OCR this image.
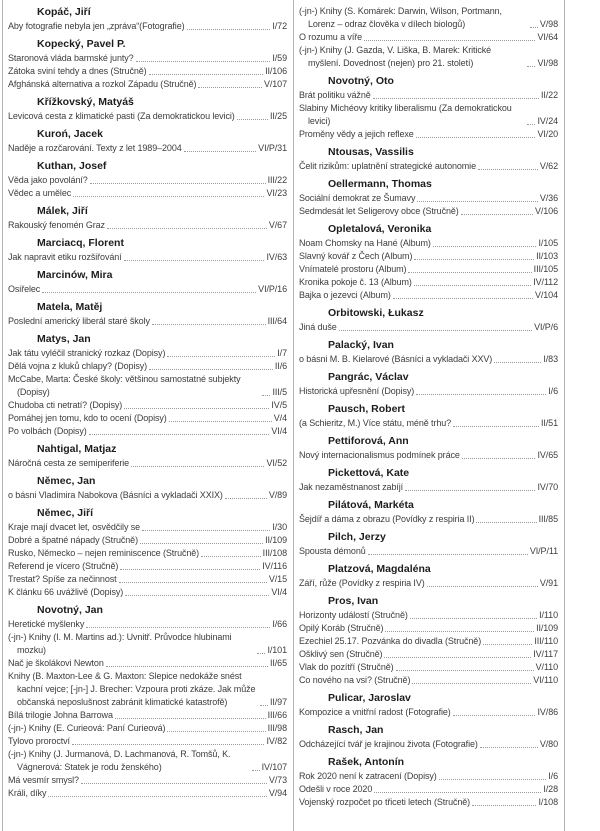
Kopáč, Jiří
Aby fotografie nebyla jen „zpráva“(Fotografie)	I/72
Kopecký, Pavel P.
Staronová vláda barmské junty?	I/59
Zátoka sviní tehdy a dnes (Stručně)	II/106
Afghánská alternativa a rozkol Západu (Stručně)	V/107
Křížkovský, Matyáš
Levicová cesta z klimatické pasti (Za demokratickou levici)	II/25
Kuroń, Jacek
Naděje a rozčarování. Texty z let 1989–2004	VI/P/31
Kuthan, Josef
Věda jako povolání?	III/22
Vědec a umělec	VI/23
Málek, Jiří
Rakouský fenomén Graz	V/67
Marciacq, Florent
Jak napravit etiku rozšiřování	IV/63
Marcinów, Mira
Osiřelec	VI/P/16
Matela, Matěj
Poslední americký liberál staré školy	III/64
Matys, Jan
Jak tátu vyléčil stranický rozkaz (Dopisy)	I/7
Dělá vojna z kluků chlapy? (Dopisy)	II/6
McCabe, Marta: České školy: většinou samostatné subjekty (Dopisy)	III/5
Chudoba cti netratí? (Dopisy)	IV/5
Pomáhej jen tomu, kdo to ocení (Dopisy)	V/4
Po volbách (Dopisy)	VI/4
Nahtigal, Matjaz
Náročná cesta ze semiperiferie	VI/52
Němec, Jan
o básni Vladimira Nabokova (Básníci a vykladači XXIX)	V/89
Němec, Jiří
Kraje mají dvacet let, osvědčily se	I/30
Dobré a špatné nápady (Stručně)	II/109
Rusko, Německo – nejen reminiscence (Stručně)	III/108
Referend je vícero (Stručně)	IV/116
Trestat? Spíše za nečinnost	V/15
K článku 66 uvážlivě (Dopisy)	VI/4
Novotný, Jan
Heretické myšlenky	I/66
(-jn-) Knihy (I. M. Martins ad.): Uvnitř. Průvodce hlubinami mozku)	I/101
Nač je školákovi Newton	II/65
Knihy (B. Maxton-Lee & G. Maxton: Slepice nedokáže snést kachní vejce; [-jn-] J. Brecher: Vzpoura proti zkáze. Jak může občanská neposlušnost zabránit klimatické katastrofě)	II/97
Bílá trilogie Johna Barrowa	III/66
(-jn-) Knihy (E. Curieová: Paní Curieová)	III/98
Tylovo proroctví	IV/82
(-jn-) Knihy (J. Jurmanová, D. Lachmanová, R. Tomšů, K. Vágnerová: Statek je rodu ženského)	IV/107
Má vesmír smysl?	V/73
Králi, díky	V/94
(-jn-) Knihy (S. Komárek: Darwin, Wilson, Portmann, Lorenz – odraz člověka v dílech biologů)	V/98
O rozumu a víře	VI/64
(-jn-) Knihy (J. Gazda, V. Liška, B. Marek: Kritické myšlení. Dovednost (nejen) pro 21. století)	VI/98
Novotný, Oto
Brát politiku vážně	II/22
Slabiny Michéovy kritiky liberalismu (Za demokratickou levici)	IV/24
Proměny vědy a jejich reflexe	VI/20
Ntousas, Vassilis
Čelit rizikům: uplatnění strategické autonomie	V/62
Oellermann, Thomas
Sociální demokrat ze Šumavy	V/36
Sedmdesát let Seligerovy obce (Stručně)	V/106
Opletalová, Veronika
Noam Chomsky na Hané (Album)	I/105
Slavný kovář z Čech (Album)	II/103
Vnímatelé prostoru (Album)	III/105
Kronika pokoje č. 13 (Album)	IV/112
Bajka o jezevci (Album)	V/104
Orbitowski, Łukasz
Jiná duše	VI/P/6
Palacký, Ivan
o básni M. B. Kielarové (Básníci a vykladači XXV)	I/83
Pangrác, Václav
Historická upřesnění (Dopisy)	I/6
Pausch, Robert
(a Schieritz, M.) Více státu, méně trhu?	II/51
Pettiforová, Ann
Nový internacionalismus podmínek práce	IV/65
Pickettová, Kate
Jak nezaměstnanost zabíjí	IV/70
Pilátová, Markéta
Šejdíř a dáma z obrazu (Povídky z respiria II)	III/85
Pilch, Jerzy
Spousta démonů	VI/P/11
Platzová, Magdaléna
Září, růže (Povídky z respiria IV)	V/91
Pros, Ivan
Horizonty událostí (Stručně)	I/110
Opilý Koráb (Stručně)	II/109
Ezechiel 25.17. Pozvánka do divadla (Stručně)	III/110
Ošklivý sen (Stručně)	IV/117
Vlak do pozítří (Stručně)	V/110
Co nového na vsi? (Stručně)	VI/110
Pulicar, Jaroslav
Kompozice a vnitřní radost (Fotografie)	IV/86
Rasch, Jan
Odcházející tvář je krajinou života (Fotografie)	V/80
Rašek, Antonín
Rok 2020 není k zatracení (Dopisy)	I/6
Odešli v roce 2020	I/28
Vojenský rozpočet po třiceti letech (Stručně)	I/108
